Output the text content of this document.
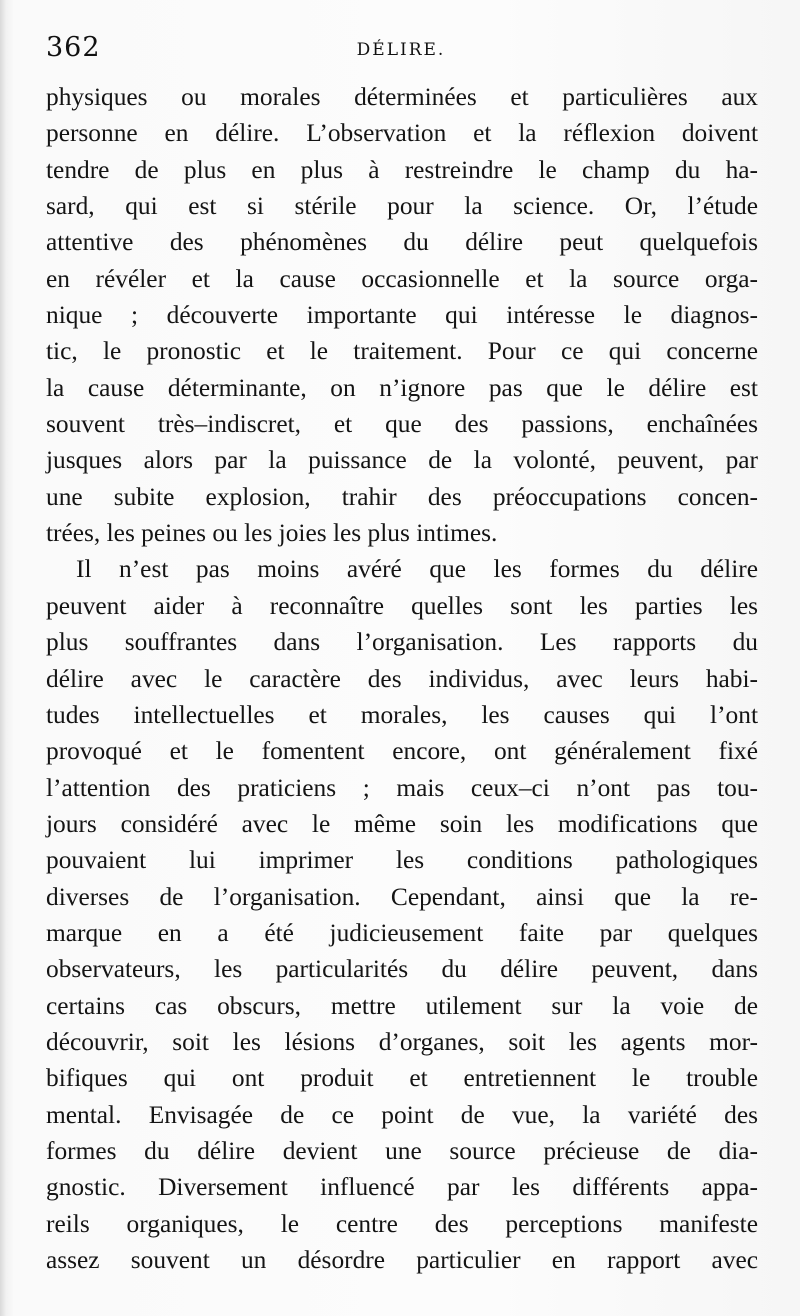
362	DÉLIRE.
physiques ou morales déterminées et particulières aux
personne en délire. L’observation et la réflexion doivent
tendre de plus en plus à restreindre le champ du ha-
sard, qui est si stérile pour la science. Or, l’étude
attentive des phénomènes du délire peut quelquefois
en révéler et la cause occasionnelle et la source orga-
nique ; découverte importante qui intéresse le diagnos-
tic, le pronostic et le traitement. Pour ce qui concerne
la cause déterminante, on n’ignore pas que le délire est
souvent très–indiscret, et que des passions, enchaînées
jusques alors par la puissance de la volonté, peuvent, par
une subite explosion, trahir des préoccupations concen-
trées, les peines ou les joies les plus intimes.
Il n’est pas moins avéré que les formes du délire
peuvent aider à reconnaître quelles sont les parties les
plus souffrantes dans l’organisation. Les rapports du
délire avec le caractère des individus, avec leurs habi-
tudes intellectuelles et morales, les causes qui l’ont
provoqué et le fomentent encore, ont généralement fixé
l’attention des praticiens ; mais ceux–ci n’ont pas tou-
jours considéré avec le même soin les modifications que
pouvaient lui imprimer les conditions pathologiques
diverses de l’organisation. Cependant, ainsi que la re-
marque en a été judicieusement faite par quelques
observateurs, les particularités du délire peuvent, dans
certains cas obscurs, mettre utilement sur la voie de
découvrir, soit les lésions d’organes, soit les agents mor-
bifiques qui ont produit et entretiennent le trouble
mental. Envisagée de ce point de vue, la variété des
formes du délire devient une source précieuse de dia-
gnostic. Diversement influencé par les différents appa-
reils organiques, le centre des perceptions manifeste
assez souvent un désordre particulier en rapport avec
